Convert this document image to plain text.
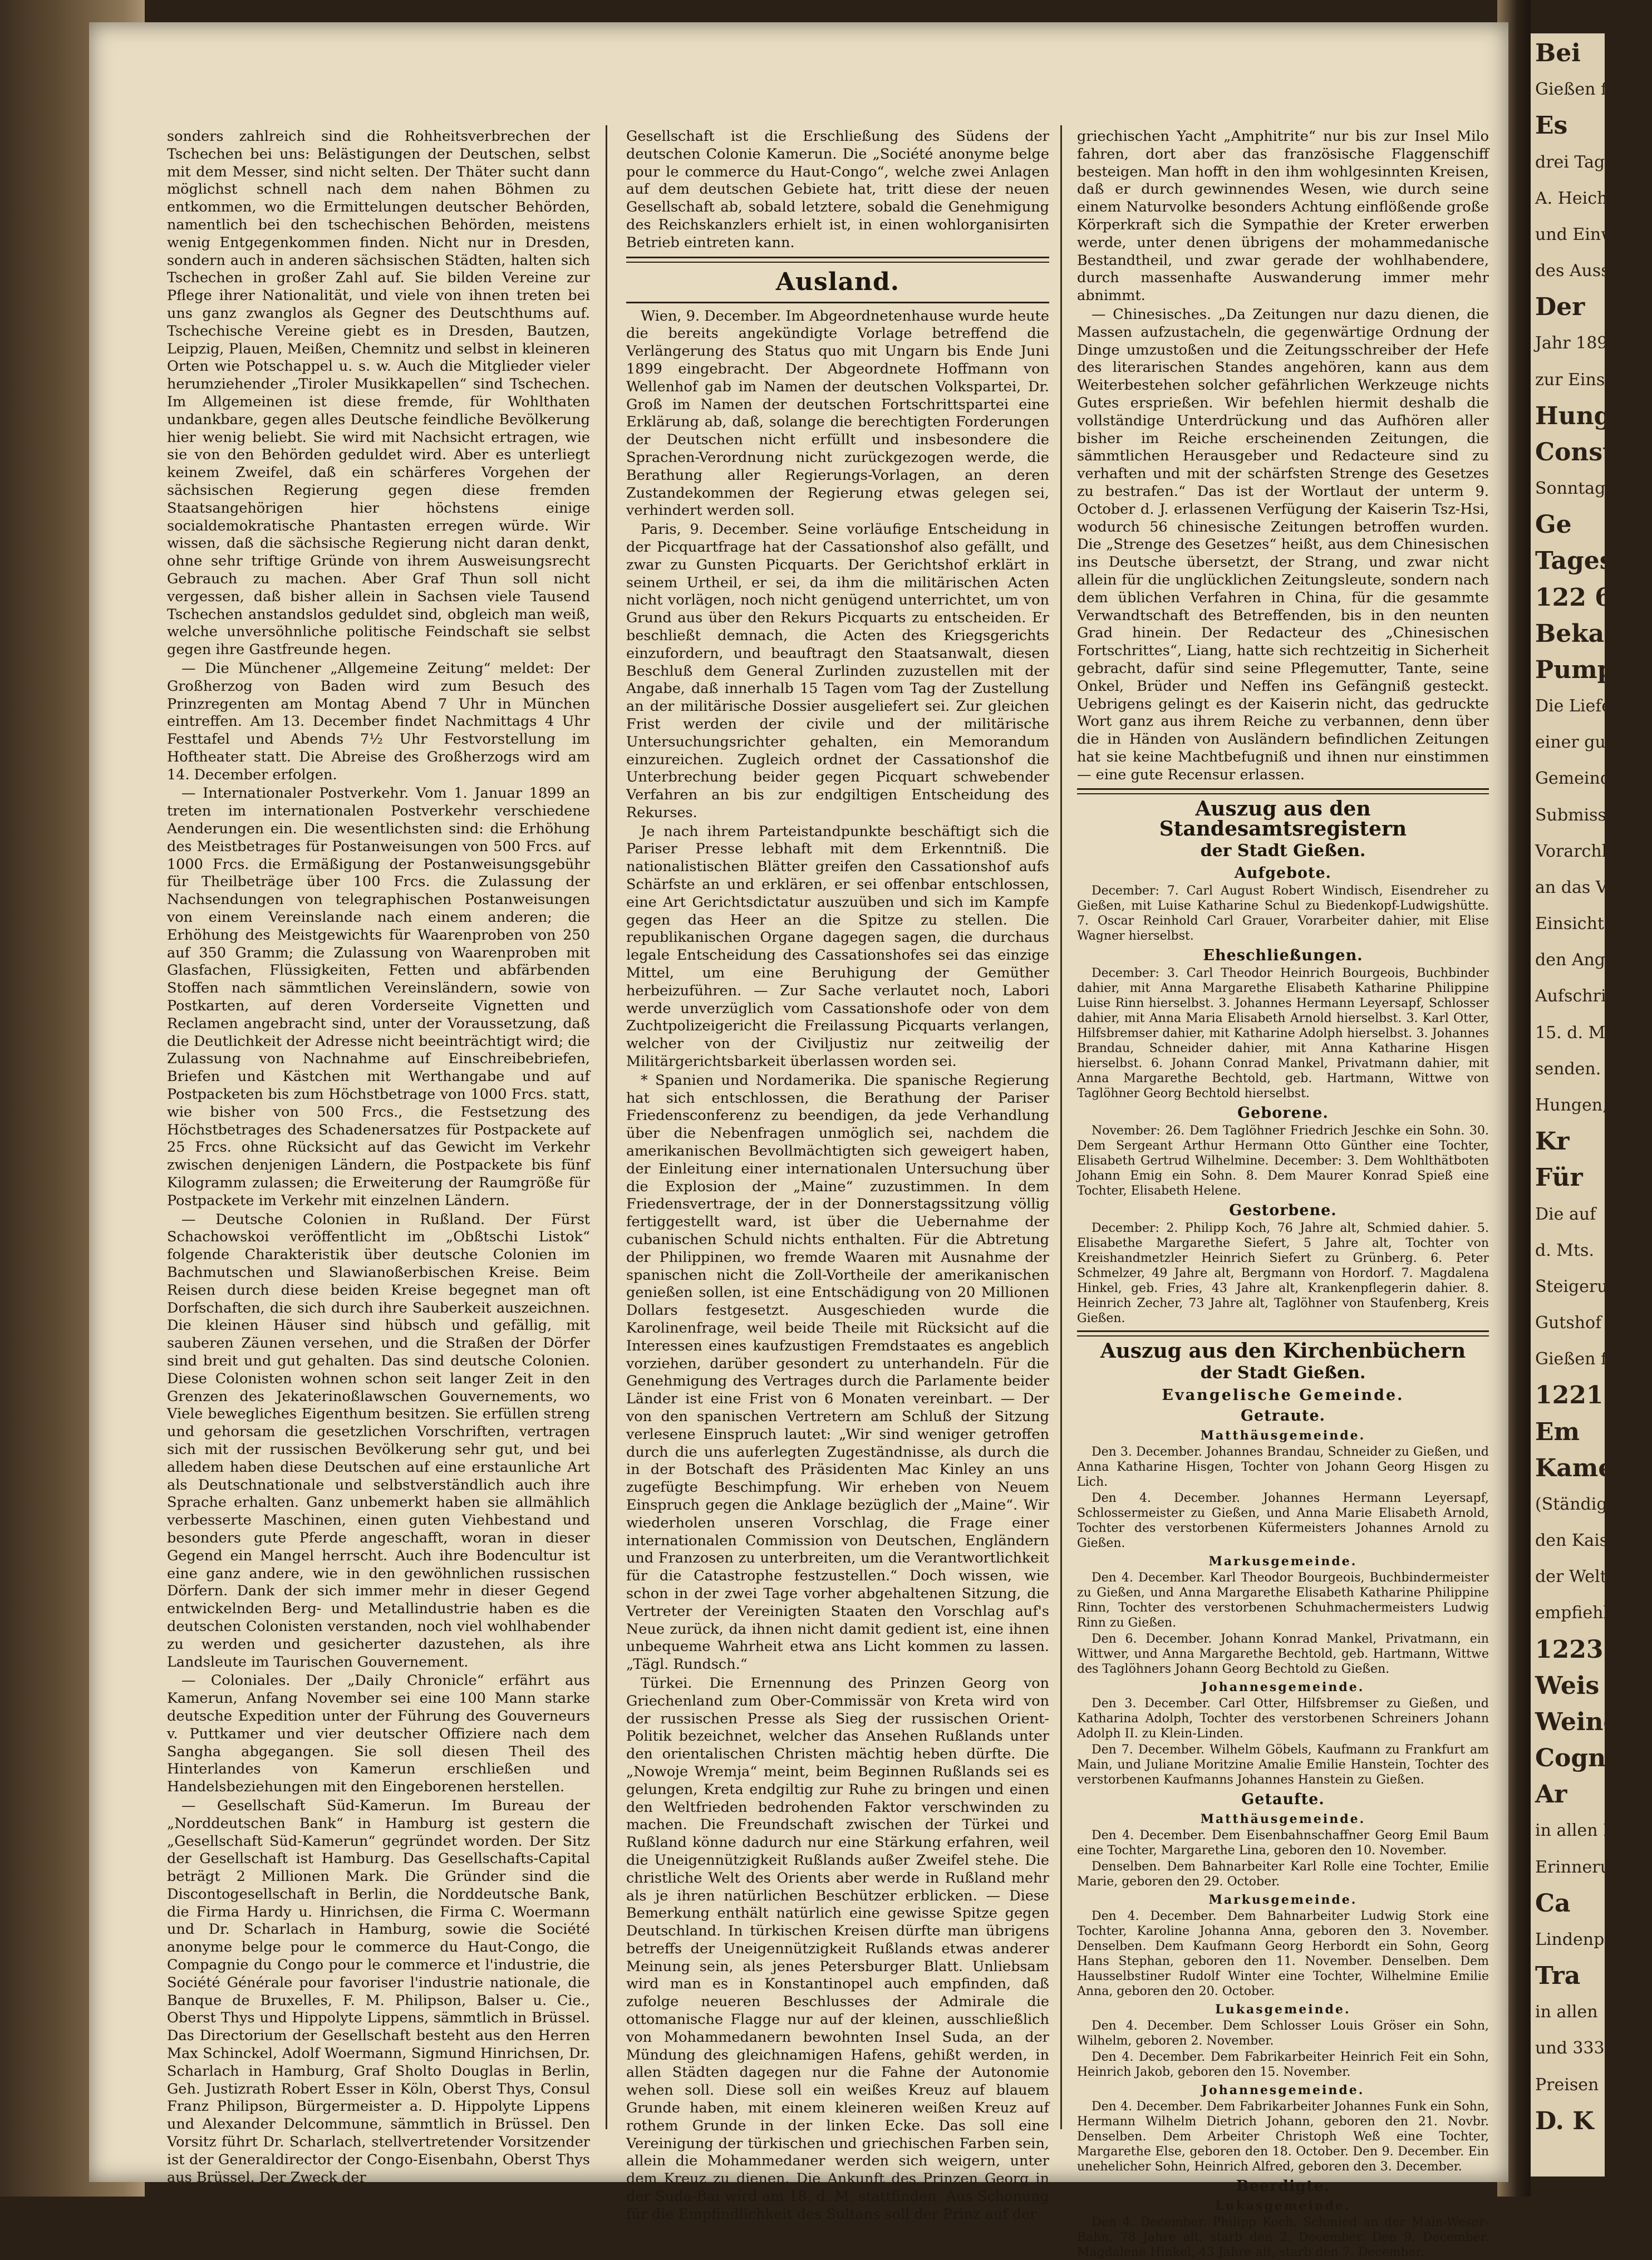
sonders zahlreich sind die Rohheitsverbrechen der Tschechen bei uns: Belästigungen der Deutschen, selbst mit dem Messer, sind nicht selten. Der Thäter sucht dann möglichst schnell nach dem nahen Böhmen zu entkommen, wo die Ermittelungen deutscher Behörden, namentlich bei den tschechischen Behörden, meistens wenig Entgegenkommen finden. Nicht nur in Dresden, sondern auch in anderen sächsischen Städten, halten sich Tschechen in großer Zahl auf. Sie bilden Vereine zur Pflege ihrer Nationalität, und viele von ihnen treten bei uns ganz zwanglos als Gegner des Deutschthums auf. Tschechische Vereine giebt es in Dresden, Bautzen, Leipzig, Plauen, Meißen, Chemnitz und selbst in kleineren Orten wie Potschappel u. s. w. Auch die Mitglieder vieler herumziehender „Tiroler Musikkapellen“ sind Tschechen. Im Allgemeinen ist diese fremde, für Wohlthaten undankbare, gegen alles Deutsche feindliche Bevölkerung hier wenig beliebt. Sie wird mit Nachsicht ertragen, wie sie von den Behörden geduldet wird. Aber es unterliegt keinem Zweifel, daß ein schärferes Vorgehen der sächsischen Regierung gegen diese fremden Staatsangehörigen hier höchstens einige socialdemokratische Phantasten erregen würde. Wir wissen, daß die sächsische Regierung nicht daran denkt, ohne sehr triftige Gründe von ihrem Ausweisungsrecht Gebrauch zu machen. Aber Graf Thun soll nicht vergessen, daß bisher allein in Sachsen viele Tausend Tschechen anstandslos geduldet sind, obgleich man weiß, welche unversöhnliche politische Feindschaft sie selbst gegen ihre Gastfreunde hegen.

— Die Münchener „Allgemeine Zeitung“ meldet: Der Großherzog von Baden wird zum Besuch des Prinzregenten am Montag Abend 7 Uhr in München eintreffen. Am 13. December findet Nachmittags 4 Uhr Festtafel und Abends 7½ Uhr Festvorstellung im Hoftheater statt. Die Abreise des Großherzogs wird am 14. December erfolgen.

— Internationaler Postverkehr. Vom 1. Januar 1899 an treten im internationalen Postverkehr verschiedene Aenderungen ein. Die wesentlichsten sind: die Erhöhung des Meistbetrages für Postanweisungen von 500 Frcs. auf 1000 Frcs. die Ermäßigung der Postanweisungsgebühr für Theilbeträge über 100 Frcs. die Zulassung der Nachsendungen von telegraphischen Postanweisungen von einem Vereinslande nach einem anderen; die Erhöhung des Meistgewichts für Waarenproben von 250 auf 350 Gramm; die Zulassung von Waarenproben mit Glasfachen, Flüssigkeiten, Fetten und abfärbenden Stoffen nach sämmtlichen Vereinsländern, sowie von Postkarten, auf deren Vorderseite Vignetten und Reclamen angebracht sind, unter der Voraussetzung, daß die Deutlichkeit der Adresse nicht beeinträchtigt wird; die Zulassung von Nachnahme auf Einschreibebriefen, Briefen und Kästchen mit Werthangabe und auf Postpacketen bis zum Höchstbetrage von 1000 Frcs. statt, wie bisher von 500 Frcs., die Festsetzung des Höchstbetrages des Schadenersatzes für Postpackete auf 25 Frcs. ohne Rücksicht auf das Gewicht im Verkehr zwischen denjenigen Ländern, die Postpackete bis fünf Kilogramm zulassen; die Erweiterung der Raumgröße für Postpackete im Verkehr mit einzelnen Ländern.

— Deutsche Colonien in Rußland. Der Fürst Schachowskoi veröffentlicht im „Obßtschi Listok“ folgende Charakteristik über deutsche Colonien im Bachmutschen und Slawianoßerbischen Kreise. Beim Reisen durch diese beiden Kreise begegnet man oft Dorfschaften, die sich durch ihre Sauberkeit auszeichnen. Die kleinen Häuser sind hübsch und gefällig, mit sauberen Zäunen versehen, und die Straßen der Dörfer sind breit und gut gehalten. Das sind deutsche Colonien. Diese Colonisten wohnen schon seit langer Zeit in den Grenzen des Jekaterinoßlawschen Gouvernements, wo Viele bewegliches Eigenthum besitzen. Sie erfüllen streng und gehorsam die gesetzlichen Vorschriften, vertragen sich mit der russischen Bevölkerung sehr gut, und bei alledem haben diese Deutschen auf eine erstaunliche Art als Deutschnationale und selbstverständlich auch ihre Sprache erhalten. Ganz unbemerkt haben sie allmählich verbesserte Maschinen, einen guten Viehbestand und besonders gute Pferde angeschafft, woran in dieser Gegend ein Mangel herrscht. Auch ihre Bodencultur ist eine ganz andere, wie in den gewöhnlichen russischen Dörfern. Dank der sich immer mehr in dieser Gegend entwickelnden Berg- und Metallindustrie haben es die deutschen Colonisten verstanden, noch viel wohlhabender zu werden und gesicherter dazustehen, als ihre Landsleute im Taurischen Gouvernement.

— Coloniales. Der „Daily Chronicle“ erfährt aus Kamerun, Anfang November sei eine 100 Mann starke deutsche Expedition unter der Führung des Gouverneurs v. Puttkamer und vier deutscher Offiziere nach dem Sangha abgegangen. Sie soll diesen Theil des Hinterlandes von Kamerun erschließen und Handelsbeziehungen mit den Eingeborenen herstellen.

— Gesellschaft Süd-Kamerun. Im Bureau der „Norddeutschen Bank“ in Hamburg ist gestern die „Gesellschaft Süd-Kamerun“ gegründet worden. Der Sitz der Gesellschaft ist Hamburg. Das Gesellschafts-Capital beträgt 2 Millionen Mark. Die Gründer sind die Discontogesellschaft in Berlin, die Norddeutsche Bank, die Firma Hardy u. Hinrichsen, die Firma C. Woermann und Dr. Scharlach in Hamburg, sowie die Société anonyme belge pour le commerce du Haut-Congo, die Compagnie du Congo pour le commerce et l'industrie, die Société Générale pour favoriser l'industrie nationale, die Banque de Bruxelles, F. M. Philipson, Balser u. Cie., Oberst Thys und Hippolyte Lippens, sämmtlich in Brüssel. Das Directorium der Gesellschaft besteht aus den Herren Max Schinckel, Adolf Woermann, Sigmund Hinrichsen, Dr. Scharlach in Hamburg, Graf Sholto Douglas in Berlin, Geh. Justizrath Robert Esser in Köln, Oberst Thys, Consul Franz Philipson, Bürgermeister a. D. Hippolyte Lippens und Alexander Delcommune, sämmtlich in Brüssel. Den Vorsitz führt Dr. Scharlach, stellvertretender Vorsitzender ist der Generaldirector der Congo-Eisenbahn, Oberst Thys aus Brüssel. Der Zweck der

Gesellschaft ist die Erschließung des Südens der deutschen Colonie Kamerun. Die „Société anonyme belge pour le commerce du Haut-Congo“, welche zwei Anlagen auf dem deutschen Gebiete hat, tritt diese der neuen Gesellschaft ab, sobald letztere, sobald die Genehmigung des Reichskanzlers erhielt ist, in einen wohlorganisirten Betrieb eintreten kann.

Ausland.

Wien, 9. December. Im Abgeordnetenhause wurde heute die bereits angekündigte Vorlage betreffend die Verlängerung des Status quo mit Ungarn bis Ende Juni 1899 eingebracht. Der Abgeordnete Hoffmann von Wellenhof gab im Namen der deutschen Volkspartei, Dr. Groß im Namen der deutschen Fortschrittspartei eine Erklärung ab, daß, solange die berechtigten Forderungen der Deutschen nicht erfüllt und insbesondere die Sprachen-Verordnung nicht zurückgezogen werde, die Berathung aller Regierungs-Vorlagen, an deren Zustandekommen der Regierung etwas gelegen sei, verhindert werden soll.

Paris, 9. December. Seine vorläufige Entscheidung in der Picquartfrage hat der Cassationshof also gefällt, und zwar zu Gunsten Picquarts. Der Gerichtshof erklärt in seinem Urtheil, er sei, da ihm die militärischen Acten nicht vorlägen, noch nicht genügend unterrichtet, um von Grund aus über den Rekurs Picquarts zu entscheiden. Er beschließt demnach, die Acten des Kriegsgerichts einzufordern, und beauftragt den Staatsanwalt, diesen Beschluß dem General Zurlinden zuzustellen mit der Angabe, daß innerhalb 15 Tagen vom Tag der Zustellung an der militärische Dossier ausgeliefert sei. Zur gleichen Frist werden der civile und der militärische Untersuchungsrichter gehalten, ein Memorandum einzureichen. Zugleich ordnet der Cassationshof die Unterbrechung beider gegen Picquart schwebender Verfahren an bis zur endgiltigen Entscheidung des Rekurses.

Je nach ihrem Parteistandpunkte beschäftigt sich die Pariser Presse lebhaft mit dem Erkenntniß. Die nationalistischen Blätter greifen den Cassationshof aufs Schärfste an und erklären, er sei offenbar entschlossen, eine Art Gerichtsdictatur auszuüben und sich im Kampfe gegen das Heer an die Spitze zu stellen. Die republikanischen Organe dagegen sagen, die durchaus legale Entscheidung des Cassationshofes sei das einzige Mittel, um eine Beruhigung der Gemüther herbeizuführen. — Zur Sache verlautet noch, Labori werde unverzüglich vom Cassationshofe oder von dem Zuchtpolizeigericht die Freilassung Picquarts verlangen, welcher von der Civiljustiz nur zeitweilig der Militärgerichtsbarkeit überlassen worden sei.

* Spanien und Nordamerika. Die spanische Regierung hat sich entschlossen, die Berathung der Pariser Friedensconferenz zu beendigen, da jede Verhandlung über die Nebenfragen unmöglich sei, nachdem die amerikanischen Bevollmächtigten sich geweigert haben, der Einleitung einer internationalen Untersuchung über die Explosion der „Maine“ zuzustimmen. In dem Friedensvertrage, der in der Donnerstagssitzung völlig fertiggestellt ward, ist über die Uebernahme der cubanischen Schuld nichts enthalten. Für die Abtretung der Philippinen, wo fremde Waaren mit Ausnahme der spanischen nicht die Zoll-Vortheile der amerikanischen genießen sollen, ist eine Entschädigung von 20 Millionen Dollars festgesetzt. Ausgeschieden wurde die Karolinenfrage, weil beide Theile mit Rücksicht auf die Interessen eines kaufzustigen Fremdstaates es angeblich vorziehen, darüber gesondert zu unterhandeln. Für die Genehmigung des Vertrages durch die Parlamente beider Länder ist eine Frist von 6 Monaten vereinbart. — Der von den spanischen Vertretern am Schluß der Sitzung verlesene Einspruch lautet: „Wir sind weniger getroffen durch die uns auferlegten Zugeständnisse, als durch die in der Botschaft des Präsidenten Mac Kinley an uns zugefügte Beschimpfung. Wir erheben von Neuem Einspruch gegen die Anklage bezüglich der „Maine“. Wir wiederholen unseren Vorschlag, die Frage einer internationalen Commission von Deutschen, Engländern und Franzosen zu unterbreiten, um die Verantwortlichkeit für die Catastrophe festzustellen.“ Doch wissen, wie schon in der zwei Tage vorher abgehaltenen Sitzung, die Vertreter der Vereinigten Staaten den Vorschlag auf's Neue zurück, da ihnen nicht damit gedient ist, eine ihnen unbequeme Wahrheit etwa ans Licht kommen zu lassen. „Tägl. Rundsch.“

Türkei. Die Ernennung des Prinzen Georg von Griechenland zum Ober-Commissär von Kreta wird von der russischen Presse als Sieg der russischen Orient-Politik bezeichnet, welcher das Ansehen Rußlands unter den orientalischen Christen mächtig heben dürfte. Die „Nowoje Wremja“ meint, beim Beginnen Rußlands sei es gelungen, Kreta endgiltig zur Ruhe zu bringen und einen den Weltfrieden bedrohenden Faktor verschwinden zu machen. Die Freundschaft zwischen der Türkei und Rußland könne dadurch nur eine Stärkung erfahren, weil die Uneigennützigkeit Rußlands außer Zweifel stehe. Die christliche Welt des Orients aber werde in Rußland mehr als je ihren natürlichen Beschützer erblicken. — Diese Bemerkung enthält natürlich eine gewisse Spitze gegen Deutschland. In türkischen Kreisen dürfte man übrigens betreffs der Uneigennützigkeit Rußlands etwas anderer Meinung sein, als jenes Petersburger Blatt. Unliebsam wird man es in Konstantinopel auch empfinden, daß zufolge neueren Beschlusses der Admirale die ottomanische Flagge nur auf der kleinen, ausschließlich von Mohammedanern bewohnten Insel Suda, an der Mündung des gleichnamigen Hafens, gehißt werden, in allen Städten dagegen nur die Fahne der Autonomie wehen soll. Diese soll ein weißes Kreuz auf blauem Grunde haben, mit einem kleineren weißen Kreuz auf rothem Grunde in der linken Ecke. Das soll eine Vereinigung der türkischen und griechischen Farben sein, allein die Mohammedaner werden sich weigern, unter dem Kreuz zu dienen. Die Ankunft des Prinzen Georg in der Suda-Bai wird am 18. d. M. stattfinden. Aus Schonung für die Empfindlichkeit des Sultans soll der Prinz auf der

griechischen Yacht „Amphitrite“ nur bis zur Insel Milo fahren, dort aber das französische Flaggenschiff besteigen. Man hofft in den ihm wohlgesinnten Kreisen, daß er durch gewinnendes Wesen, wie durch seine einem Naturvolke besonders Achtung einflößende große Körperkraft sich die Sympathie der Kreter erwerben werde, unter denen übrigens der mohammedanische Bestandtheil, und zwar gerade der wohlhabendere, durch massenhafte Auswanderung immer mehr abnimmt.

— Chinesisches. „Da Zeitungen nur dazu dienen, die Massen aufzustacheln, die gegenwärtige Ordnung der Dinge umzustoßen und die Zeitungsschreiber der Hefe des literarischen Standes angehören, kann aus dem Weiterbestehen solcher gefährlichen Werkzeuge nichts Gutes ersprießen. Wir befehlen hiermit deshalb die vollständige Unterdrückung und das Aufhören aller bisher im Reiche erscheinenden Zeitungen, die sämmtlichen Herausgeber und Redacteure sind zu verhaften und mit der schärfsten Strenge des Gesetzes zu bestrafen.“ Das ist der Wortlaut der unterm 9. October d. J. erlassenen Verfügung der Kaiserin Tsz-Hsi, wodurch 56 chinesische Zeitungen betroffen wurden. Die „Strenge des Gesetzes“ heißt, aus dem Chinesischen ins Deutsche übersetzt, der Strang, und zwar nicht allein für die unglücklichen Zeitungsleute, sondern nach dem üblichen Verfahren in China, für die gesammte Verwandtschaft des Betreffenden, bis in den neunten Grad hinein. Der Redacteur des „Chinesischen Fortschrittes“, Liang, hatte sich rechtzeitig in Sicherheit gebracht, dafür sind seine Pflegemutter, Tante, seine Onkel, Brüder und Neffen ins Gefängniß gesteckt. Uebrigens gelingt es der Kaiserin nicht, das gedruckte Wort ganz aus ihrem Reiche zu verbannen, denn über die in Händen von Ausländern befindlichen Zeitungen hat sie keine Machtbefugniß und ihnen nur einstimmen — eine gute Recensur erlassen.

Auszug aus den Standesamtsregistern
der Stadt Gießen.
Aufgebote.

December: 7. Carl August Robert Windisch, Eisendreher zu Gießen, mit Luise Katharine Schul zu Biedenkopf-Ludwigshütte. 7. Oscar Reinhold Carl Grauer, Vorarbeiter dahier, mit Elise Wagner hierselbst.

Eheschließungen.

December: 3. Carl Theodor Heinrich Bourgeois, Buchbinder dahier, mit Anna Margarethe Elisabeth Katharine Philippine Luise Rinn hierselbst. 3. Johannes Hermann Leyersapf, Schlosser dahier, mit Anna Maria Elisabeth Arnold hierselbst. 3. Karl Otter, Hilfsbremser dahier, mit Katharine Adolph hierselbst. 3. Johannes Brandau, Schneider dahier, mit Anna Katharine Hisgen hierselbst. 6. Johann Conrad Mankel, Privatmann dahier, mit Anna Margarethe Bechtold, geb. Hartmann, Wittwe von Taglöhner Georg Bechtold hierselbst.

Geborene.

November: 26. Dem Taglöhner Friedrich Jeschke ein Sohn. 30. Dem Sergeant Arthur Hermann Otto Günther eine Tochter, Elisabeth Gertrud Wilhelmine. December: 3. Dem Wohlthätboten Johann Emig ein Sohn. 8. Dem Maurer Konrad Spieß eine Tochter, Elisabeth Helene.

Gestorbene.

December: 2. Philipp Koch, 76 Jahre alt, Schmied dahier. 5. Elisabethe Margarethe Siefert, 5 Jahre alt, Tochter von Kreishandmetzler Heinrich Siefert zu Grünberg. 6. Peter Schmelzer, 49 Jahre alt, Bergmann von Hordorf. 7. Magdalena Hinkel, geb. Fries, 43 Jahre alt, Krankenpflegerin dahier. 8. Heinrich Zecher, 73 Jahre alt, Taglöhner von Staufenberg, Kreis Gießen.

Auszug aus den Kirchenbüchern
der Stadt Gießen.
Evangelische Gemeinde.
Getraute.
Matthäusgemeinde.

Den 3. December. Johannes Brandau, Schneider zu Gießen, und Anna Katharine Hisgen, Tochter von Johann Georg Hisgen zu Lich.

Den 4. December. Johannes Hermann Leyersapf, Schlossermeister zu Gießen, und Anna Marie Elisabeth Arnold, Tochter des verstorbenen Küfermeisters Johannes Arnold zu Gießen.

Markusgemeinde.

Den 4. December. Karl Theodor Bourgeois, Buchbindermeister zu Gießen, und Anna Margarethe Elisabeth Katharine Philippine Rinn, Tochter des verstorbenen Schuhmachermeisters Ludwig Rinn zu Gießen.

Den 6. December. Johann Konrad Mankel, Privatmann, ein Wittwer, und Anna Margarethe Bechtold, geb. Hartmann, Wittwe des Taglöhners Johann Georg Bechtold zu Gießen.

Johannesgemeinde.

Den 3. December. Carl Otter, Hilfsbremser zu Gießen, und Katharina Adolph, Tochter des verstorbenen Schreiners Johann Adolph II. zu Klein-Linden.

Den 7. December. Wilhelm Göbels, Kaufmann zu Frankfurt am Main, und Juliane Moritzine Amalie Emilie Hanstein, Tochter des verstorbenen Kaufmanns Johannes Hanstein zu Gießen.

Getaufte.
Matthäusgemeinde.

Den 4. December. Dem Eisenbahnschaffner Georg Emil Baum eine Tochter, Margarethe Lina, geboren den 10. November.

Denselben. Dem Bahnarbeiter Karl Rolle eine Tochter, Emilie Marie, geboren den 29. October.

Markusgemeinde.

Den 4. December. Dem Bahnarbeiter Ludwig Stork eine Tochter, Karoline Johanna Anna, geboren den 3. November. Denselben. Dem Kaufmann Georg Herbordt ein Sohn, Georg Hans Stephan, geboren den 11. November. Denselben. Dem Hausselbstiner Rudolf Winter eine Tochter, Wilhelmine Emilie Anna, geboren den 20. October.

Lukasgemeinde.

Den 4. December. Dem Schlosser Louis Gröser ein Sohn, Wilhelm, geboren 2. November.

Den 4. December. Dem Fabrikarbeiter Heinrich Feit ein Sohn, Heinrich Jakob, geboren den 15. November.

Johannesgemeinde.

Den 4. December. Dem Fabrikarbeiter Johannes Funk ein Sohn, Hermann Wilhelm Dietrich Johann, geboren den 21. Novbr. Denselben. Dem Arbeiter Christoph Weß eine Tochter, Margarethe Else, geboren den 18. October. Den 9. December. Ein unehelicher Sohn, Heinrich Alfred, geboren den 3. December.

Beerdigte.
Lukasgemeinde.

Den 4. December. Philipp Koch, Schmied an der Main-Weser-Bahn, 78 Jahre alt, starb den 2. December. Den 9. December. Magdalene Hinkel, 43 Jahre alt, starb den 7. December.

Bei
Gießen finde
Es
drei Tage
A. Heich
und Einwe
des Ausscha
Der
Jahr 1899
zur Einsicht
Hung
Consum
Sonntag
Ge
Tages
122 6
Bekan
Pump
Die Liefe
einer gußeis
Gemeinde
Submission
Vorarchläge
an das Ver
Einsicht offen
den Angebo
Aufschrift ver
15. d. M.
senden.
Hungen,
Kr
Für
Die auf
d. Mts.
Steigerung
Gutshof Gro
Gießen finde
12213
Em
Kame
(Ständiger
den Kaiserl
der Welt. B
empfiehlt
12231
Weis
Weine,
Cogn
Ar
in allen Preis
Erinnerung,
Ca
Lindenplatz
Tra
in allen
und 333er. G
Preisen
D. K
